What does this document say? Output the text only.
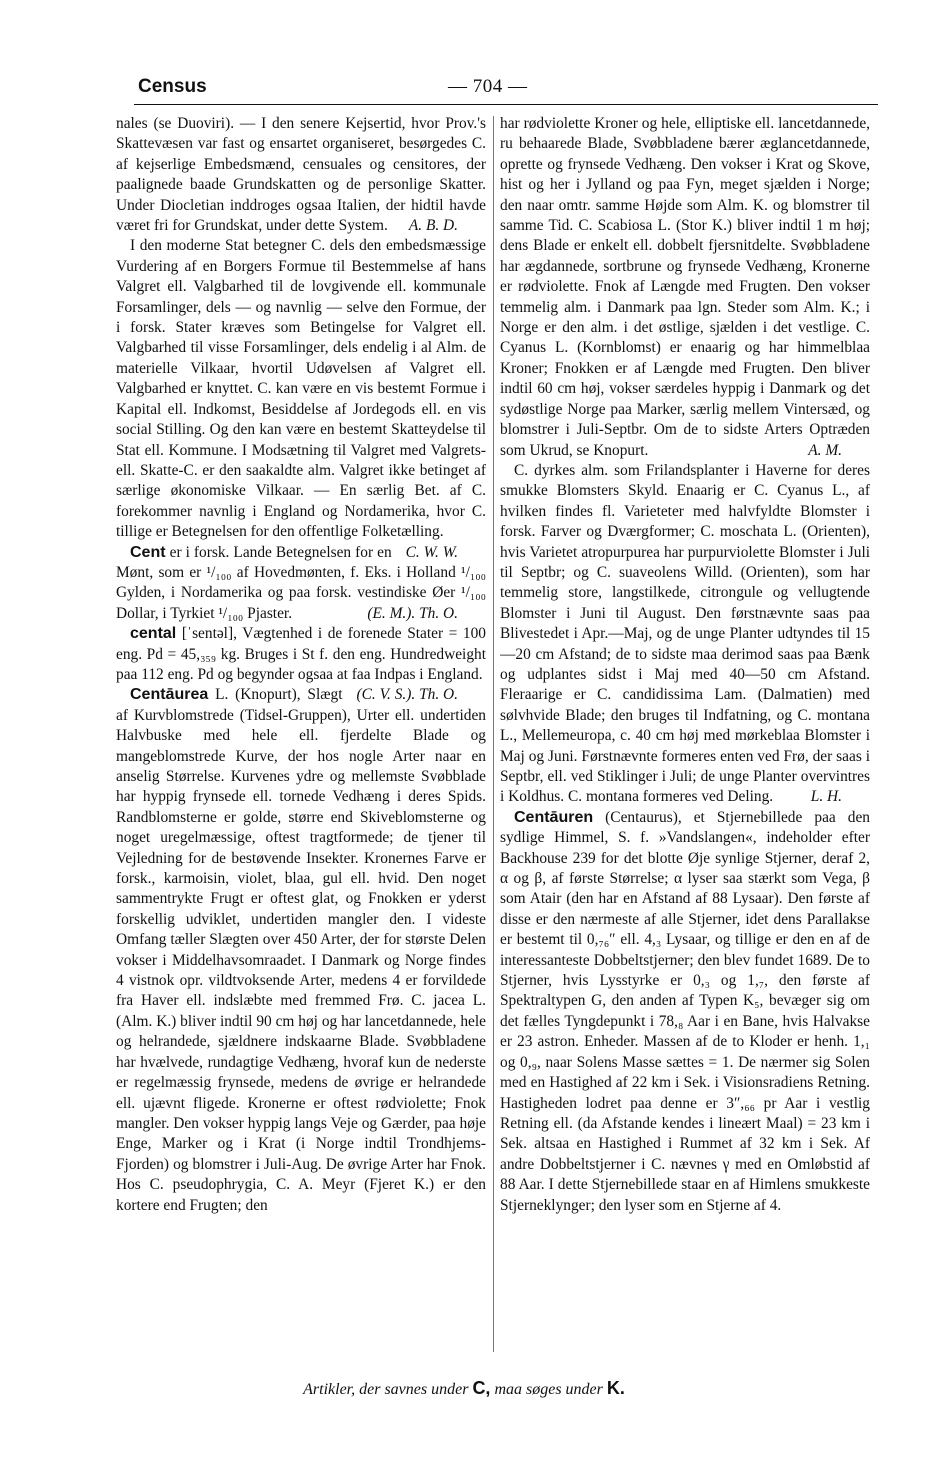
Census	— 704 —

nales (se Duoviri). — I den senere Kejsertid, hvor Prov.'s Skattevæsen var fast og ensartet organiseret, besørgedes C. af kejserlige Embedsmænd, censuales og censitores, der paalignede baade Grundskatten og de personlige Skatter. Under Diocletian inddroges ogsaa Italien, der hidtil havde været fri for Grundskat, under dette System. A. B. D.

I den moderne Stat betegner C. dels den embedsmæssige Vurdering af en Borgers Formue til Bestemmelse af hans Valgret ell. Valgbarhed til de lovgivende ell. kommunale Forsamlinger, dels — og navnlig — selve den Formue, der i forsk. Stater kræves som Betingelse for Valgret ell. Valgbarhed til visse Forsamlinger, dels endelig i al Alm. de materielle Vilkaar, hvortil Udøvelsen af Valgret ell. Valgbarhed er knyttet. C. kan være en vis bestemt Formue i Kapital ell. Indkomst, Besiddelse af Jordegods ell. en vis social Stilling. Og den kan være en bestemt Skatteydelse til Stat ell. Kommune. I Modsætning til Valgret med Valgrets- ell. Skatte-C. er den saakaldte alm. Valgret ikke betinget af særlige økonomiske Vilkaar. — En særlig Bet. af C. forekommer navnlig i England og Nordamerika, hvor C. tillige er Betegnelsen for den offentlige Folketælling.
C. W. W.

Cent er i forsk. Lande Betegnelsen for en Mønt, som er ¹/₁₀₀ af Hovedmønten, f. Eks. i Holland ¹/₁₀₀ Gylden, i Nordamerika og paa forsk. vestindiske Øer ¹/₁₀₀ Dollar, i Tyrkiet ¹/₁₀₀ Pjaster.	(E. M.). Th. O.

cental [ˈsentəl], Vægtenhed i de forenede Stater = 100 eng. Pd = 45,₃₅₉ kg. Bruges i St f. den eng. Hundredweight paa 112 eng. Pd og begynder ogsaa at faa Indpas i England.
(C. V. S.). Th. O.

Centāurea L. (Knopurt), Slægt af Kurvblomstrede (Tidsel-Gruppen), Urter ell. undertiden Halvbuske med hele ell. fjerdelte Blade og mangeblomstrede Kurve, der hos nogle Arter naar en anselig Størrelse. Kurvenes ydre og mellemste Svøbblade har hyppig frynsede ell. tornede Vedhæng i deres Spids. Randblomsterne er golde, større end Skiveblomsterne og noget uregelmæssige, oftest tragtformede; de tjener til Vejledning for de bestøvende Insekter. Kronernes Farve er forsk., karmoisin, violet, blaa, gul ell. hvid. Den noget sammentrykte Frugt er oftest glat, og Fnokken er yderst forskellig udviklet, undertiden mangler den. I videste Omfang tæller Slægten over 450 Arter, der for største Delen vokser i Middelhavsomraadet. I Danmark og Norge findes 4 vistnok opr. vildtvoksende Arter, medens 4 er forvildede fra Haver ell. indslæbte med fremmed Frø. C. jacea L. (Alm. K.) bliver indtil 90 cm høj og har lancetdannede, hele og helrandede, sjældnere indskaarne Blade. Svøbbladene har hvælvede, rundagtige Vedhæng, hvoraf kun de nederste er regelmæssig frynsede, medens de øvrige er helrandede ell. ujævnt fligede. Kronerne er oftest rødviolette; Fnok mangler. Den vokser hyppig langs Veje og Gærder, paa høje Enge, Marker og i Krat (i Norge indtil Trondhjems-Fjorden) og blomstrer i Juli-Aug. De øvrige Arter har Fnok. Hos C. pseudophrygia, C. A. Meyr (Fjeret K.) er den kortere end Frugten; den

har rødviolette Kroner og hele, elliptiske ell. lancetdannede, ru behaarede Blade, Svøbbladene bærer æglancetdannede, oprette og frynsede Vedhæng. Den vokser i Krat og Skove, hist og her i Jylland og paa Fyn, meget sjælden i Norge; den naar omtr. samme Højde som Alm. K. og blomstrer til samme Tid. C. Scabiosa L. (Stor K.) bliver indtil 1 m høj; dens Blade er enkelt ell. dobbelt fjersnitdelte. Svøbbladene har ægdannede, sortbrune og frynsede Vedhæng, Kronerne er rødviolette. Fnok af Længde med Frugten. Den vokser temmelig alm. i Danmark paa lgn. Steder som Alm. K.; i Norge er den alm. i det østlige, sjælden i det vestlige. C. Cyanus L. (Kornblomst) er enaarig og har himmelblaa Kroner; Fnokken er af Længde med Frugten. Den bliver indtil 60 cm høj, vokser særdeles hyppig i Danmark og det sydøstlige Norge paa Marker, særlig mellem Vintersæd, og blomstrer i Juli-Septbr. Om de to sidste Arters Optræden som Ukrud, se Knopurt.	A. M.

C. dyrkes alm. som Frilandsplanter i Haverne for deres smukke Blomsters Skyld. Enaarig er C. Cyanus L., af hvilken findes fl. Varieteter med halvfyldte Blomster i forsk. Farver og Dværgformer; C. moschata L. (Orienten), hvis Varietet atropurpurea har purpurviolette Blomster i Juli til Septbr; og C. suaveolens Willd. (Orienten), som har temmelig store, langstilkede, citrongule og vellugtende Blomster i Juni til August. Den førstnævnte saas paa Blivestedet i Apr.—Maj, og de unge Planter udtyndes til 15—20 cm Afstand; de to sidste maa derimod saas paa Bænk og udplantes sidst i Maj med 40—50 cm Afstand. Fleraarige er C. candidissima Lam. (Dalmatien) med sølvhvide Blade; den bruges til Indfatning, og C. montana L., Mellemeuropa, c. 40 cm høj med mørkeblaa Blomster i Maj og Juni. Førstnævnte formeres enten ved Frø, der saas i Septbr, ell. ved Stiklinger i Juli; de unge Planter overvintres i Koldhus. C. montana formeres ved Deling.	L. H.

Centāuren (Centaurus), et Stjernebillede paa den sydlige Himmel, S. f. »Vandslangen«, indeholder efter Backhouse 239 for det blotte Øje synlige Stjerner, deraf 2, α og β, af første Størrelse; α lyser saa stærkt som Vega, β som Atair (den har en Afstand af 88 Lysaar). Den første af disse er den nærmeste af alle Stjerner, idet dens Parallakse er bestemt til 0,₇₆″ ell. 4,₃ Lysaar, og tillige er den en af de interessanteste Dobbeltstjerner; den blev fundet 1689. De to Stjerner, hvis Lysstyrke er 0,₃ og 1,₇, den første af Spektraltypen G, den anden af Typen K₅, bevæger sig om det fælles Tyngdepunkt i 78,₈ Aar i en Bane, hvis Halvakse er 23 astron. Enheder. Massen af de to Kloder er henh. 1,₁ og 0,₉, naar Solens Masse sættes = 1. De nærmer sig Solen med en Hastighed af 22 km i Sek. i Visionsradiens Retning. Hastigheden lodret paa denne er 3″,₆₆ pr Aar i vestlig Retning ell. (da Afstande kendes i lineært Maal) = 23 km i Sek. altsaa en Hastighed i Rummet af 32 km i Sek. Af andre Dobbeltstjerner i C. nævnes γ med en Omløbstid af 88 Aar. I dette Stjernebillede staar en af Himlens smukkeste Stjerneklynger; den lyser som en Stjerne af 4.

Artikler, der savnes under C, maa søges under K.
